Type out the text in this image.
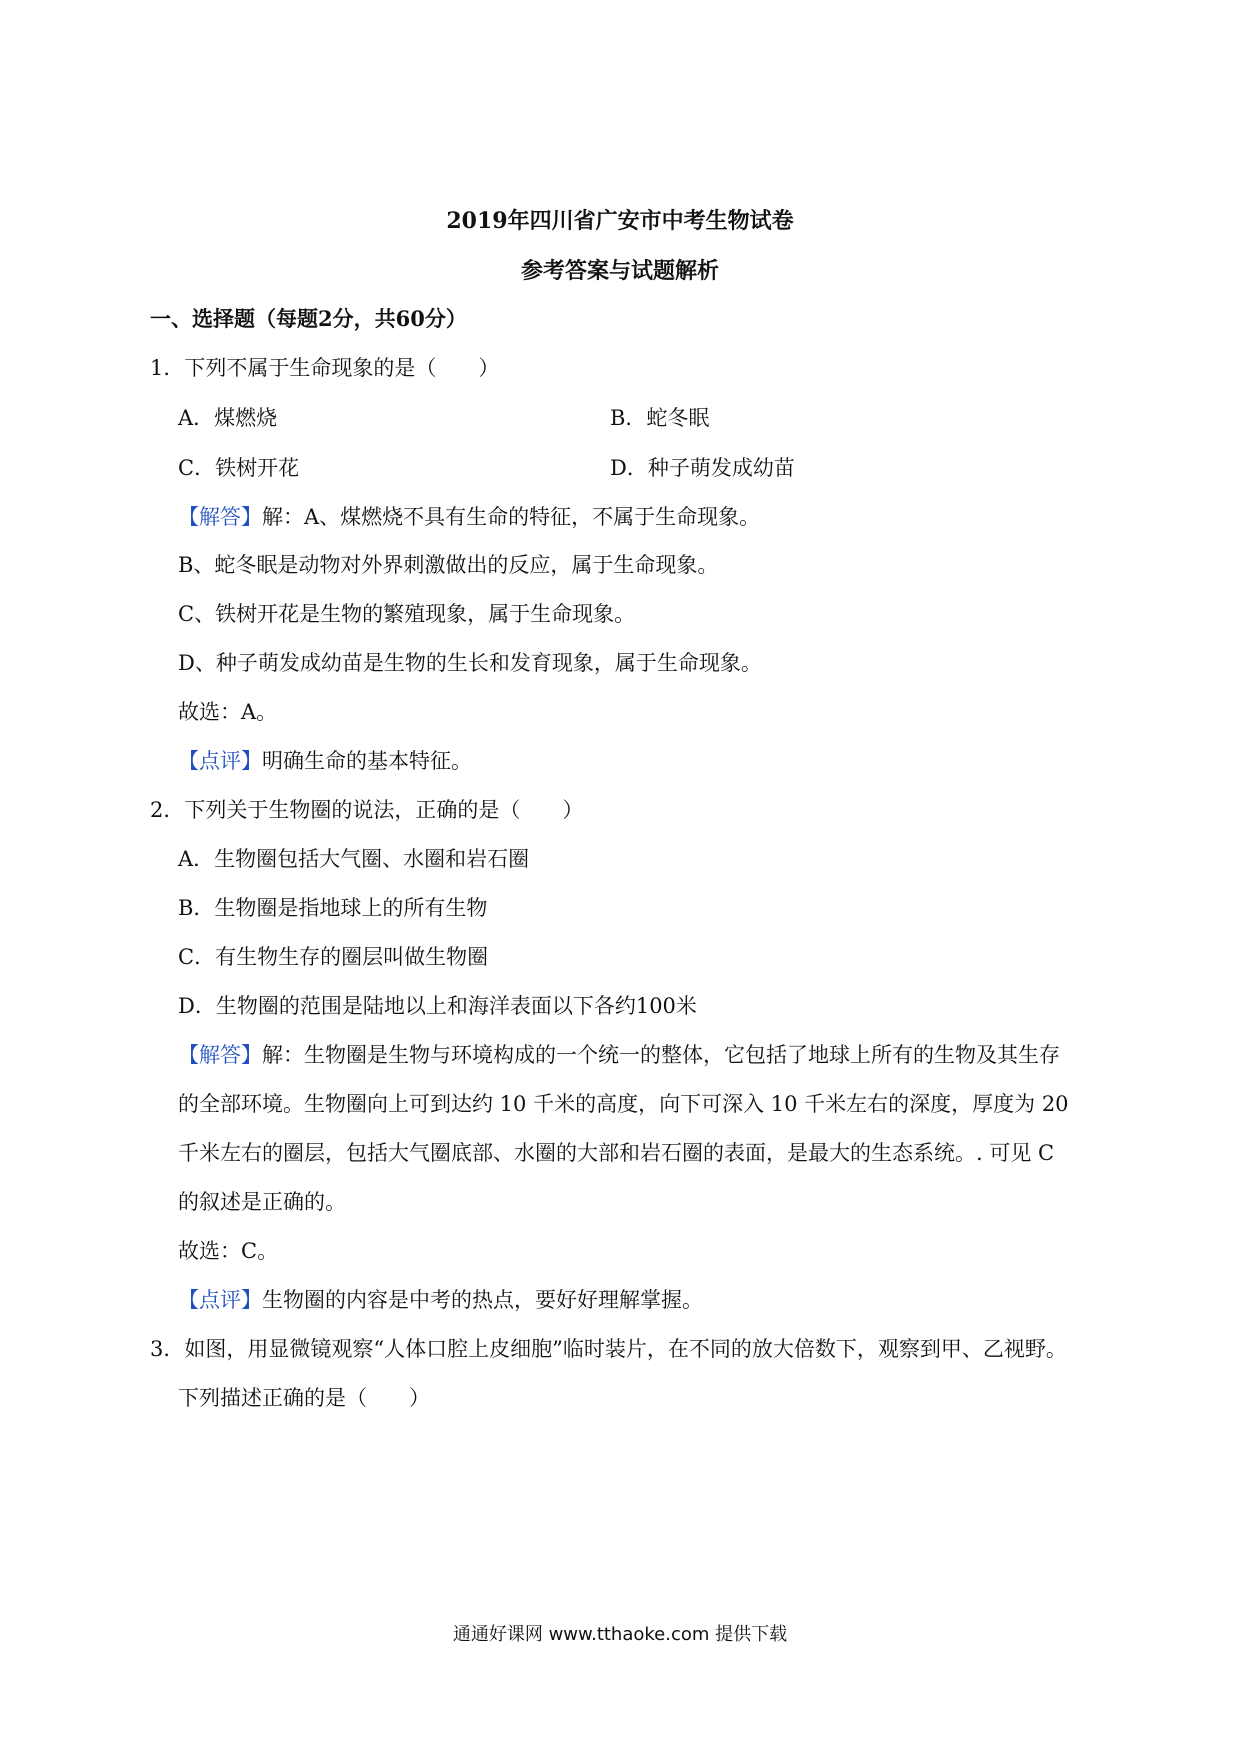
2019年四川省广安市中考生物试卷
参考答案与试题解析
一、选择题（每题2分，共60分）
1．下列不属于生命现象的是（　　）
A．煤燃烧	B．蛇冬眠
C．铁树开花	D．种子萌发成幼苗
【解答】解：A、煤燃烧不具有生命的特征，不属于生命现象。
B、蛇冬眠是动物对外界刺激做出的反应，属于生命现象。
C、铁树开花是生物的繁殖现象，属于生命现象。
D、种子萌发成幼苗是生物的生长和发育现象，属于生命现象。
故选：A。
【点评】明确生命的基本特征。
2．下列关于生物圈的说法，正确的是（　　）
A．生物圈包括大气圈、水圈和岩石圈
B．生物圈是指地球上的所有生物
C．有生物生存的圈层叫做生物圈
D．生物圈的范围是陆地以上和海洋表面以下各约100米
【解答】解：生物圈是生物与环境构成的一个统一的整体，它包括了地球上所有的生物及其生存
的全部环境。生物圈向上可到达约 10 千米的高度，向下可深入 10 千米左右的深度，厚度为 20
千米左右的圈层，包括大气圈底部、水圈的大部和岩石圈的表面，是最大的生态系统。. 可见 C
的叙述是正确的。
故选：C。
【点评】生物圈的内容是中考的热点，要好好理解掌握。
3．如图，用显微镜观察“人体口腔上皮细胞”临时装片，在不同的放大倍数下，观察到甲、乙视野。
下列描述正确的是（　　）
通通好课网 www.tthaoke.com 提供下载
